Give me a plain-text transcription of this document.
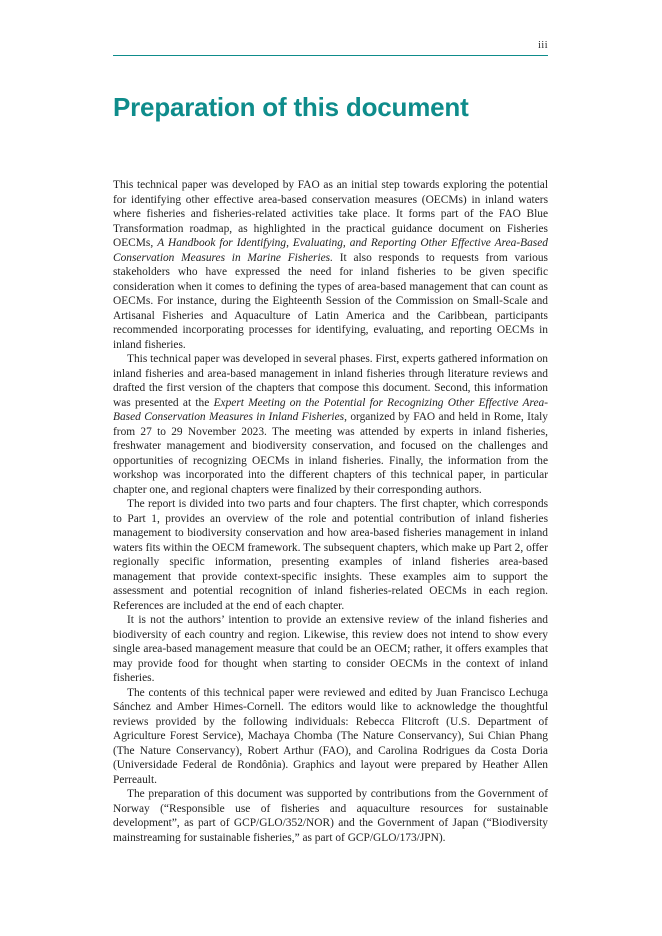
iii
Preparation of this document

This technical paper was developed by FAO as an initial step towards exploring the potential for identifying other effective area-based conservation measures (OECMs) in inland waters where fisheries and fisheries-related activities take place. It forms part of the FAO Blue Transformation roadmap, as highlighted in the practical guidance document on Fisheries OECMs, A Handbook for Identifying, Evaluating, and Reporting Other Effective Area-Based Conservation Measures in Marine Fisheries. It also responds to requests from various stakeholders who have expressed the need for inland fisheries to be given specific consideration when it comes to defining the types of area-based management that can count as OECMs. For instance, during the Eighteenth Session of the Commission on Small-Scale and Artisanal Fisheries and Aquaculture of Latin America and the Caribbean, participants recommended incorporating processes for identifying, evaluating, and reporting OECMs in inland fisheries.

This technical paper was developed in several phases. First, experts gathered information on inland fisheries and area-based management in inland fisheries through literature reviews and drafted the first version of the chapters that compose this document. Second, this information was presented at the Expert Meeting on the Potential for Recognizing Other Effective Area-Based Conservation Measures in Inland Fisheries, organized by FAO and held in Rome, Italy from 27 to 29 November 2023. The meeting was attended by experts in inland fisheries, freshwater management and biodiversity conservation, and focused on the challenges and opportunities of recognizing OECMs in inland fisheries. Finally, the information from the workshop was incorporated into the different chapters of this technical paper, in particular chapter one, and regional chapters were finalized by their corresponding authors.

The report is divided into two parts and four chapters. The first chapter, which corresponds to Part 1, provides an overview of the role and potential contribution of inland fisheries management to biodiversity conservation and how area-based fisheries management in inland waters fits within the OECM framework. The subsequent chapters, which make up Part 2, offer regionally specific information, presenting examples of inland fisheries area-based management that provide context-specific insights. These examples aim to support the assessment and potential recognition of inland fisheries-related OECMs in each region. References are included at the end of each chapter.

It is not the authors’ intention to provide an extensive review of the inland fisheries and biodiversity of each country and region. Likewise, this review does not intend to show every single area-based management measure that could be an OECM; rather, it offers examples that may provide food for thought when starting to consider OECMs in the context of inland fisheries.

The contents of this technical paper were reviewed and edited by Juan Francisco Lechuga Sánchez and Amber Himes-Cornell. The editors would like to acknowledge the thoughtful reviews provided by the following individuals: Rebecca Flitcroft (U.S. Department of Agriculture Forest Service), Machaya Chomba (The Nature Conservancy), Sui Chian Phang (The Nature Conservancy), Robert Arthur (FAO), and Carolina Rodrigues da Costa Doria (Universidade Federal de Rondônia). Graphics and layout were prepared by Heather Allen Perreault.

The preparation of this document was supported by contributions from the Government of Norway (“Responsible use of fisheries and aquaculture resources for sustainable development”, as part of GCP/GLO/352/NOR) and the Government of Japan (“Biodiversity mainstreaming for sustainable fisheries,” as part of GCP/GLO/173/JPN).
